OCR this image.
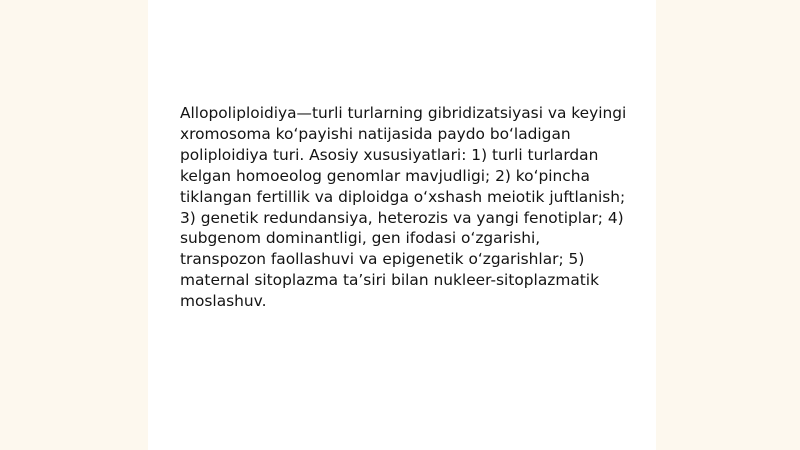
Allopoliploidiya—turli turlarning gibridizatsiyasi va keyingi xromosoma koʻpayishi natijasida paydo boʻladigan poliploidiya turi. Asosiy xususiyatlari: 1) turli turlardan kelgan homoeolog genomlar mavjudligi; 2) koʻpincha tiklangan fertillik va diploidga oʻxshash meiotik juftlanish; 3) genetik redundansiya, heterozis va yangi fenotiplar; 4) subgenom dominantligi, gen ifodasi oʻzgarishi, transpozon faollashuvi va epigenetik oʻzgarishlar; 5) maternal sitoplazma taʼsiri bilan nukleer-sitoplazmatik moslashuv.
